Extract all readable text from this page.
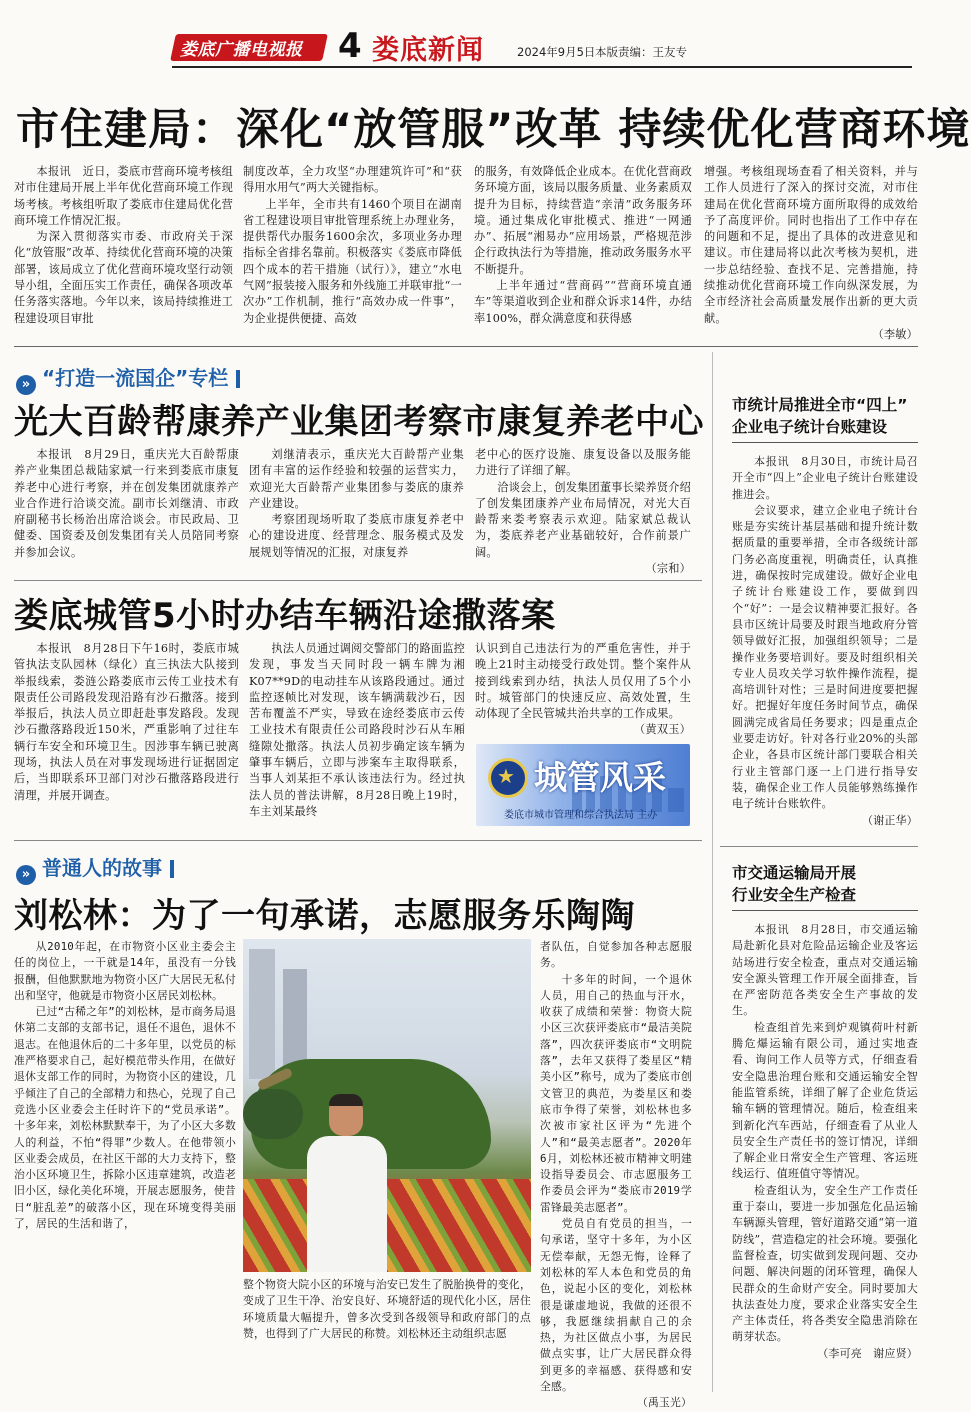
娄底广播电视报 4 娄底新闻	2024年9月5日 本版责编：王友专
市住建局：深化“放管服”改革 持续优化营商环境

本报讯　近日，娄底市营商环境考核组对市住建局开展上半年优化营商环境工作现场考核。考核组听取了娄底市住建局优化营商环境工作情况汇报。

为深入贯彻落实市委、市政府关于深化“放管服”改革、持续优化营商环境的决策部署，该局成立了优化营商环境攻坚行动领导小组，全面压实工作责任，确保各项改革任务落实落地。今年以来，该局持续推进工程建设项目审批

制度改革，全力攻坚“办理建筑许可”和“获得用水用气”两大关键指标。

上半年，全市共有1460个项目在湖南省工程建设项目审批管理系统上办理业务，提供帮代办服务1600余次，多项业务办理指标全省排名靠前。积极落实《娄底市降低四个成本的若干措施（试行）》，建立“水电气网”报装接入服务和外线施工并联审批“一次办”工作机制，推行“高效办成一件事”，为企业提供便捷、高效

的服务，有效降低企业成本。在优化营商政务环境方面，该局以服务质量、业务素质双提升为目标，持续营造“亲清”政务服务环境。通过集成化审批模式、推进“一网通办”、拓展“湘易办”应用场景，严格规范涉企行政执法行为等措施，推动政务服务水平不断提升。

上半年通过“营商码”“营商环境直通车”等渠道收到企业和群众诉求14件，办结率100%，群众满意度和获得感

增强。考核组现场查看了相关资料，并与工作人员进行了深入的探讨交流，对市住建局在优化营商环境方面所取得的成效给予了高度评价。同时也指出了工作中存在的问题和不足，提出了具体的改进意见和建议。市住建局将以此次考核为契机，进一步总结经验、查找不足、完善措施，持续推动优化营商环境工作向纵深发展，为全市经济社会高质量发展作出新的更大贡献。

（李敏）
» “打造一流国企”专栏
光大百龄帮康养产业集团考察市康复养老中心

本报讯　8月29日，重庆光大百龄帮康养产业集团总裁陆家斌一行来到娄底市康复养老中心进行考察，并在创发集团就康养产业合作进行洽谈交流。副市长刘继清、市政府副秘书长杨治出席洽谈会。市民政局、卫健委、国资委及创发集团有关人员陪同考察并参加会议。

刘继清表示，重庆光大百龄帮产业集团有丰富的运作经验和较强的运营实力，欢迎光大百龄帮产业集团参与娄底的康养产业建设。

考察团现场听取了娄底市康复养老中心的建设进度、经营理念、服务模式及发展规划等情况的汇报，对康复养

老中心的医疗设施、康复设备以及服务能力进行了详细了解。

洽谈会上，创发集团董事长梁养贤介绍了创发集团康养产业布局情况，对光大百龄帮来娄考察表示欢迎。陆家斌总裁认为，娄底养老产业基础较好，合作前景广阔。

（宗和）
娄底城管5小时办结车辆沿途撒落案

本报讯　8月28日下午16时，娄底市城管执法支队园林（绿化）直三执法大队接到举报线索，娄涟公路娄底市云传工业技术有限责任公司路段发现沿路有沙石撒落。接到举报后，执法人员立即赶赴事发路段。发现沙石撒落路段近150米，严重影响了过往车辆行车安全和环境卫生。因涉事车辆已驶离现场，执法人员在对事发现场进行证据固定后，当即联系环卫部门对沙石撒落路段进行清理，并展开调查。

执法人员通过调阅交警部门的路面监控发现，事发当天同时段一辆车牌为湘K07**9D的电动挂车从该路段通过。通过监控逐帧比对发现，该车辆满载沙石，因苦布覆盖不严实，导致在途经娄底市云传工业技术有限责任公司路段时沙石从车厢缝隙处撒落。执法人员初步确定该车辆为肇事车辆后，立即与涉案车主取得联系，当事人刘某拒不承认该违法行为。经过执法人员的普法讲解，8月28日晚上19时，车主刘某最终

认识到自己违法行为的严重危害性，并于晚上21时主动接受行政处罚。整个案件从接到线索到办结，执法人员仅用了5个小时。城管部门的快速反应、高效处置，生动体现了全民管城共治共享的工作成果。

（黄双玉）
★ 城管风采
娄底市城市管理和综合执法局 主办
» 普通人的故事
刘松林：为了一句承诺，志愿服务乐陶陶

从2010年起，在市物资小区业主委会主任的岗位上，一干就是14年，虽没有一分钱报酬，但他默默地为物资小区广大居民无私付出和坚守，他就是市物资小区居民刘松林。

已过“古稀之年”的刘松林，是市商务局退休第二支部的支部书记，退任不退色，退休不退志。在他退休后的二十多年里，以党员的标准严格要求自己，起好模范带头作用，在做好退休支部工作的同时，为物资小区的建设，几乎倾注了自己的全部精力和热心，兑现了自己竞选小区业委会主任时许下的“党员承诺”。十多年来，刘松林默默奉干，为了小区大多数人的利益，不怕“得罪”少数人。在他带领小区业委会成员，在社区干部的大力支持下，整治小区环境卫生，拆除小区违章建筑，改造老旧小区，绿化美化环境，开展志愿服务，使昔日“脏乱差”的破落小区，现在环境变得美丽了，居民的生活和谐了，

整个物资大院小区的环境与治安已发生了脱胎换骨的变化，变成了卫生干净、治安良好、环境舒适的现代化小区，居住环境质量大幅提升，曾多次受到各级领导和政府部门的点赞，也得到了广大居民的称赞。刘松林还主动组织志愿

者队伍，自觉参加各种志愿服务。

十多年的时间，一个退休人员，用自己的热血与汗水，收获了成绩和荣誉：物资大院小区三次获评娄底市“最洁美院落”，四次获评娄底市“文明院落”，去年又获得了娄星区“精美小区”称号，成为了娄底市创文管卫的典范，为娄星区和娄底市争得了荣誉，刘松林也多次被市家社区评为“先进个人”和“最美志愿者”。2020年6月，刘松林还被市精神文明建设指导委员会、市志愿服务工作委员会评为“娄底市2019学雷锋最美志愿者”。

党员自有党员的担当，一句承诺，坚守十多年，为小区无偿奉献，无怨无悔，诠释了刘松林的军人本色和党员的角色，说起小区的变化，刘松林很是谦虚地说，我做的还很不够，我愿继续捐献自己的余热，为社区做点小事，为居民做点实事，让广大居民群众得到更多的幸福感、获得感和安全感。

（禹玉光）
市统计局推进全市“四上”
企业电子统计台账建设

本报讯　8月30日，市统计局召开全市“四上”企业电子统计台账建设推进会。

会议要求，建立企业电子统计台账是夯实统计基层基础和提升统计数据质量的重要举措，全市各级统计部门务必高度重视，明确责任，认真推进，确保按时完成建设。做好企业电子统计台账建设工作，要做到四个“好”：一是会议精神要汇报好。各县市区统计局要及时跟当地政府分管领导做好汇报，加强组织领导；二是操作业务要培训好。要及时组织相关专业人员攻关学习软件操作流程，提高培训针对性；三是时间进度要把握好。把握好年度任务时间节点，确保圆满完成省局任务要求；四是重点企业要走访好。针对各行业20%的头部企业，各县市区统计部门要联合相关行业主管部门逐一上门进行指导安装，确保企业工作人员能够熟练操作电子统计台账软件。

（谢正华）
市交通运输局开展
行业安全生产检查

本报讯　8月28日，市交通运输局赴新化县对危险品运输企业及客运站场进行安全检查，重点对交通运输安全源头管理工作开展全面排查，旨在严密防范各类安全生产事故的发生。

检查组首先来到炉观镇荷叶村新腾危爆运输有限公司，通过实地查看、询问工作人员等方式，仔细查看安全隐患治理台账和交通运输安全智能监管系统，详细了解了企业危货运输车辆的管理情况。随后，检查组来到新化汽车西站，仔细查看了从业人员安全生产责任书的签订情况，详细了解企业日常安全生产管理、客运班线运行、值班值守等情况。

检查组认为，安全生产工作责任重于泰山，要进一步加强危化品运输车辆源头管理，管好道路交通“第一道防线”，营造稳定的社会环境。要强化监督检查，切实做到发现问题、交办问题、解决问题的闭环管理，确保人民群众的生命财产安全。同时要加大执法查处力度，要求企业落实安全生产主体责任，将各类安全隐患消除在萌芽状态。

（李可亮　谢应贤）
